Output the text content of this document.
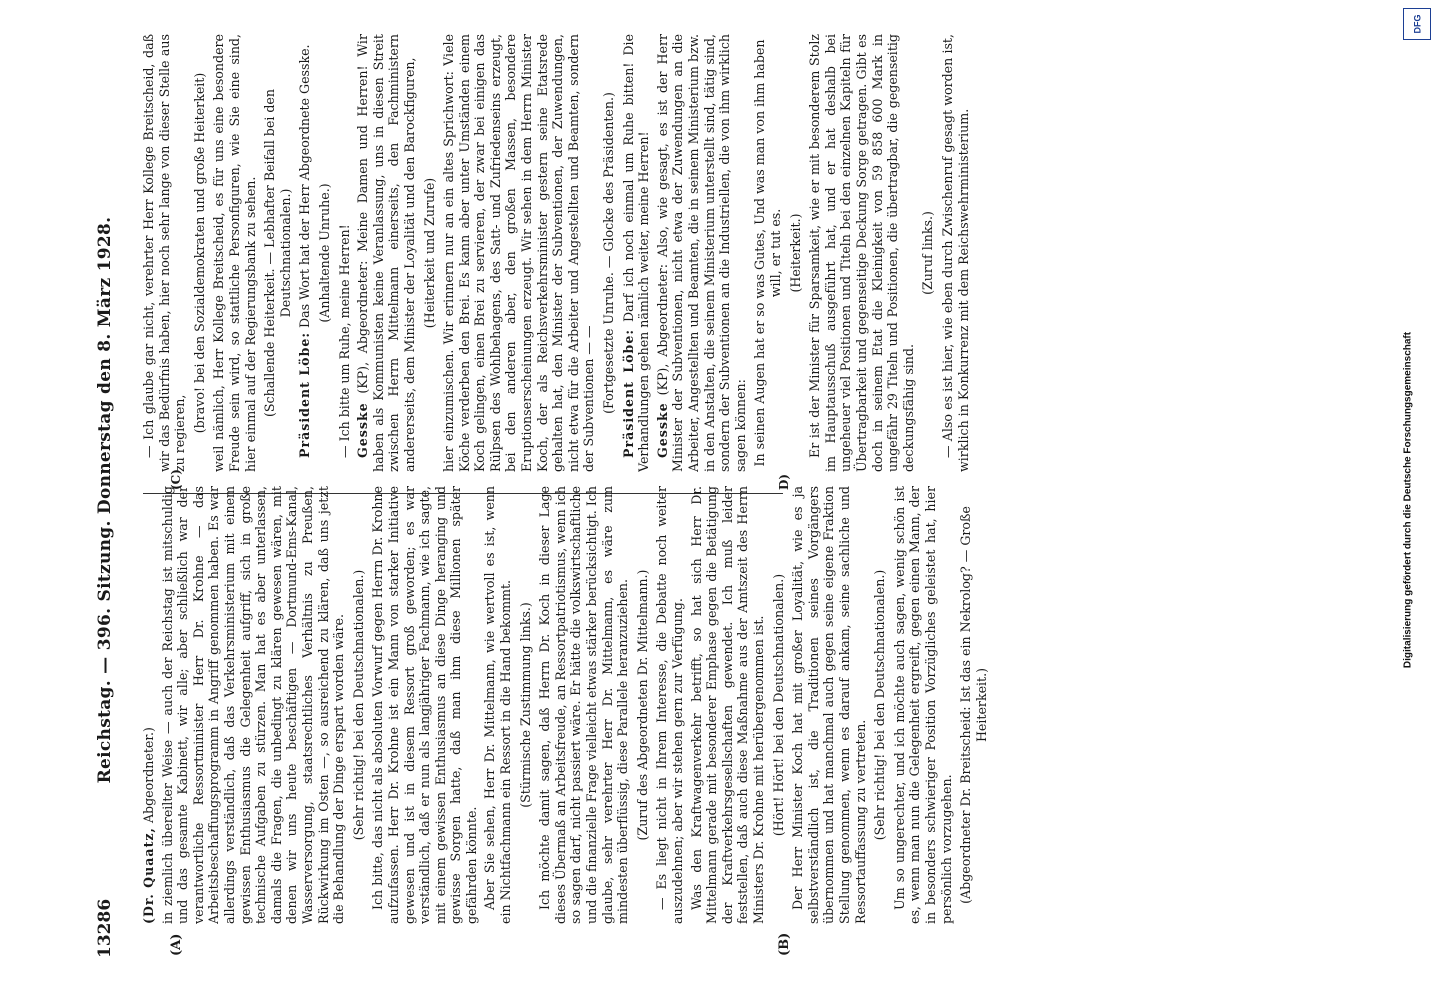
13286
Reichstag. — 396. Sitzung. Donnerstag den 8. März 1928.
(A)	(B)
(C)	D)

(Dr. Quaatz, Abgeordneter.) in ziemlich übereilter Weise — auch der Reichstag ist mitschuldig und das gesamte Kabinett, wir alle; aber schließlich war der verantwortliche Ressortminister Herr Dr. Krohne — das Arbeitsbeschaffungsprogramm in Angriff genommen haben. Es war allerdings verständlich, daß das Verkehrsministerium mit einem gewissen Enthusiasmus die Gelegenheit aufgriff, sich in große technische Aufgaben zu stürzen. Man hat es aber unterlassen, damals die Fragen, die unbedingt zu klären gewesen wären, mit denen wir uns heute beschäftigen — Dortmund-Ems-Kanal, Wasserversorgung, staatsrechtliches Verhältnis zu Preußen, Rückwirkung im Osten —, so ausreichend zu klären, daß uns jetzt die Behandlung der Dinge erspart worden wäre. (Sehr richtig! bei den Deutschnationalen.) Ich bitte, das nicht als absoluten Vorwurf gegen Herrn Dr. Krohne aufzufassen. Herr Dr. Krohne ist ein Mann von starker Initiative gewesen und ist in diesem Ressort groß geworden; es war verständlich, daß er nun als langjähriger Fachmann, wie ich sagte, mit einem gewissen Enthusiasmus an diese Dinge heranging und gewisse Sorgen hatte, daß man ihm diese Millionen später gefährden könnte. Aber Sie sehen, Herr Dr. Mittelmann, wie wertvoll es ist, wenn ein Nichtfachmann ein Ressort in die Hand bekommt. (Stürmische Zustimmung links.) Ich möchte damit sagen, daß Herrn Dr. Koch in dieser Lage dieses Übermaß an Arbeitsfreude, an Ressortpatriotismus, wenn ich so sagen darf, nicht passiert wäre. Er hätte die volkswirtschaftliche und die finanzielle Frage vielleicht etwas stärker berücksichtigt. Ich glaube, sehr verehrter Herr Dr. Mittelmann, es wäre zum mindesten überflüssig, diese Parallele heranzuziehen. (Zuruf des Abgeordneten Dr. Mittelmann.) — Es liegt nicht in Ihrem Interesse, die Debatte noch weiter auszudehnen; aber wir stehen gern zur Verfügung. Was den Kraftwagenverkehr betrifft, so hat sich Herr Dr. Mittelmann gerade mit besonderer Emphase gegen die Betätigung der Kraftverkehrsgesellschaften gewendet. Ich muß leider feststellen, daß auch diese Maßnahme aus der Amtszeit des Herrn Ministers Dr. Krohne mit herübergenommen ist. (Hört! Hört! bei den Deutschnationalen.) Der Herr Minister Koch hat mit großer Loyalität, wie es ja selbstverständlich ist, die Traditionen seines Vorgängers übernommen und hat manchmal auch gegen seine eigene Fraktion Stellung genommen, wenn es darauf ankam, seine sachliche und Ressortauffassung zu vertreten. (Sehr richtig! bei den Deutschnationalen.) Um so ungerechter, und ich möchte auch sagen, wenig schön ist es, wenn man nun die Gelegenheit ergreift, gegen einen Mann, der in besonders schwieriger Position Vorzügliches geleistet hat, hier persönlich vorzugehen. (Abgeordneter Dr. Breitscheid: Ist das ein Nekrolog? — Große Heiterkeit.)

— Ich glaube gar nicht, verehrter Herr Kollege Breitscheid, daß wir das Bedürfnis haben, hier noch sehr lange von dieser Stelle aus zu regieren,

(bravo! bei den Sozialdemokraten und große Heiterkeit) weil nämlich, Herr Kollege Breitscheid, es für uns eine besondere Freude sein wird, so stattliche Personfiguren, wie Sie eine sind, hier einmal auf der Regierungsbank zu sehen. (Schallende Heiterkeit. — Lebhafter Beifall bei den Deutschnationalen.)

Präsident Löbe: Das Wort hat der Herr Abgeordnete Gesske. (Anhaltende Unruhe.) — Ich bitte um Ruhe, meine Herren! Gesske (KP), Abgeordneter: Meine Damen und Herren! Wir haben als Kommunisten keine Veranlassung, uns in diesen Streit zwischen Herrn Mittelmann einerseits, den Fachministern andererseits, dem Minister der Loyalität und den Barockfiguren, (Heiterkeit und Zurufe) hier einzumischen. Wir erinnern nur an ein altes Sprichwort: Viele Köche verderben den Brei. Es kann aber unter Umständen einem Koch gelingen, einen Brei zu servieren, der zwar bei einigen das Rülpsen des Wohlbehagens, des Satt- und Zufriedenseins erzeugt, bei den anderen aber, den großen Massen, besondere Eruptionserscheinungen erzeugt. Wir sehen in dem Herrn Minister Koch, der als Reichsverkehrsminister gestern seine Etatsrede gehalten hat, den Minister der Subventionen, der Zuwendungen, nicht etwa für die Arbeiter und Angestellten und Beamten, sondern der Subventionen — — (Fortgesetzte Unruhe. — Glocke des Präsidenten.) Präsident Löbe: Darf ich noch einmal um Ruhe bitten! Die Verhandlungen gehen nämlich weiter, meine Herren! Gesske (KP), Abgeordneter: Also, wie gesagt, es ist der Herr Minister der Subventionen, nicht etwa der Zuwendungen an die Arbeiter, Angestellten und Beamten, die in seinem Ministerium bzw. in den Anstalten, die seinem Ministerium unterstellt sind, tätig sind, sondern der Subventionen an die Industriellen, die von ihm wirklich sagen können: In seinen Augen hat er so was Gutes, Und was man von ihm haben will, er tut es. (Heiterkeit.) Er ist der Minister für Sparsamkeit, wie er mit besonderem Stolz im Hauptausschuß ausgeführt hat, und er hat deshalb bei ungeheuer viel Positionen und Titeln bei den einzelnen Kapiteln für Übertragbarkeit und gegenseitige Deckung Sorge getragen. Gibt es doch in seinem Etat die Kleinigkeit von 59 858 600 Mark in ungefähr 29 Titeln und Positionen, die übertragbar, die gegenseitig deckungsfähig sind.

(Zuruf links.) — Also es ist hier, wie eben durch Zwischenruf gesagt worden ist, wirklich in Konkurrenz mit dem Reichswehrministerium.

Digitalisierung gefördert durch die Deutsche Forschungsgemeinschaft
DFG
